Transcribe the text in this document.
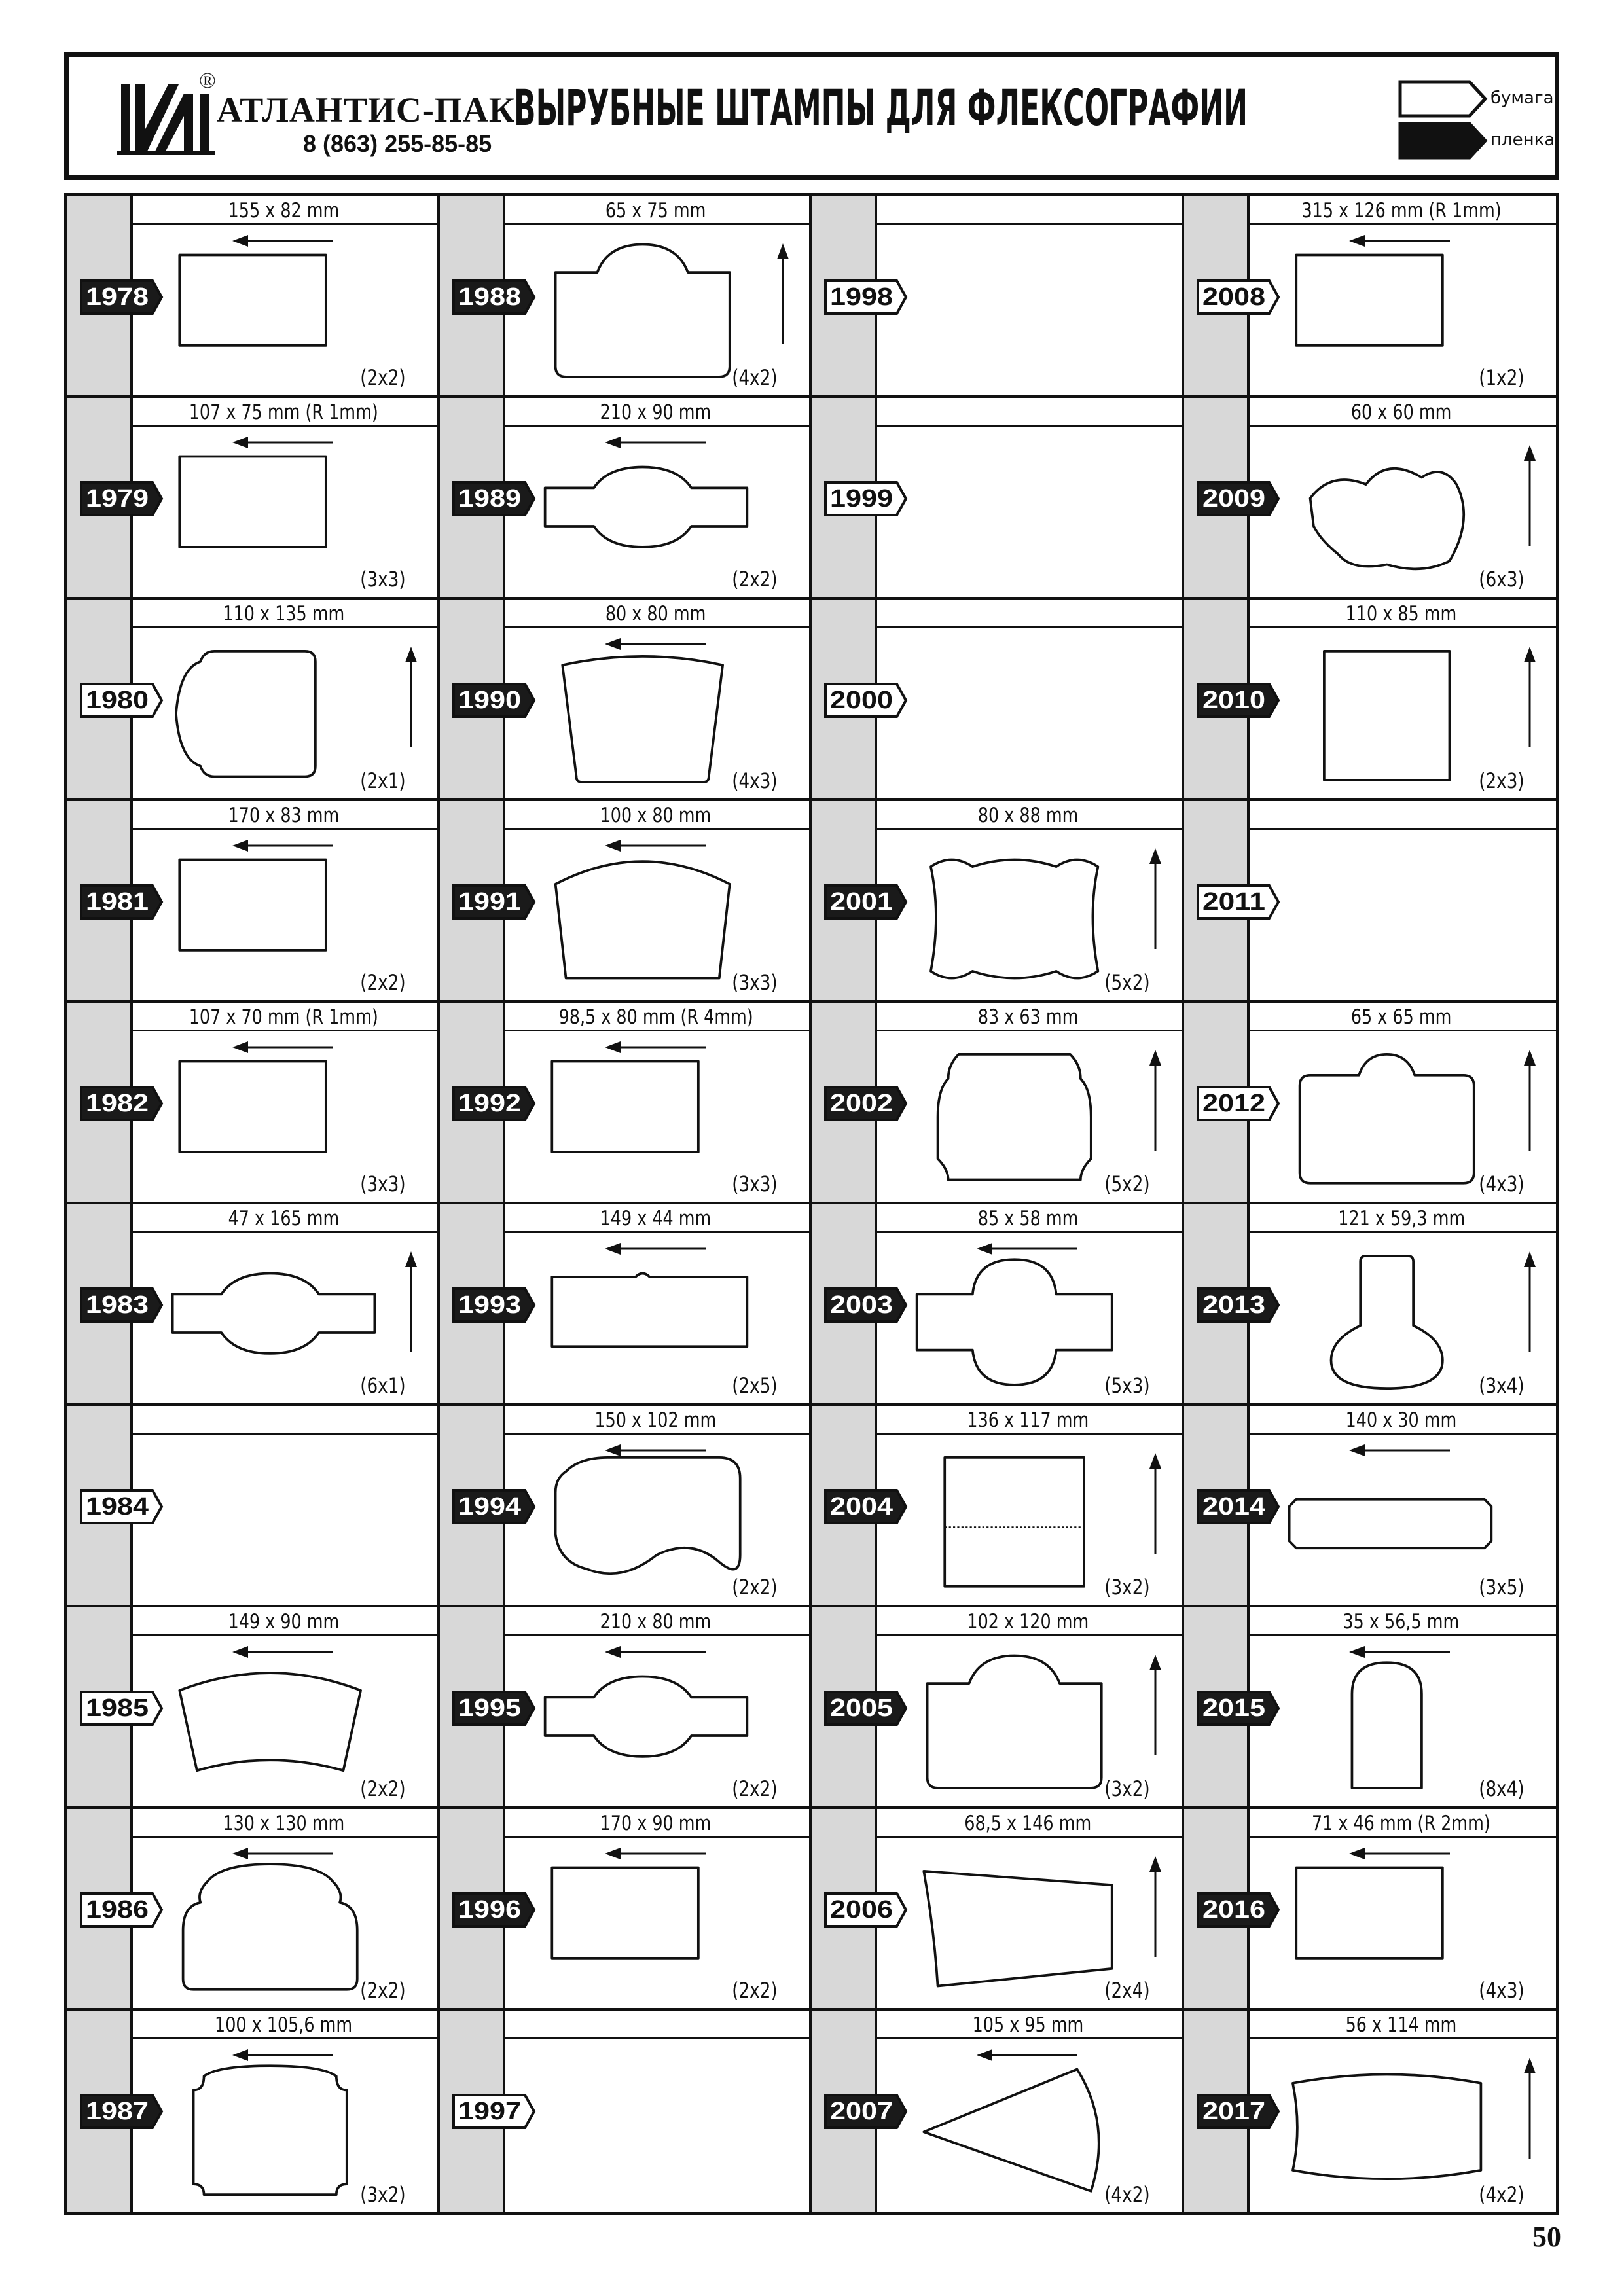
®
АТЛАНТИС-ПАК
8 (863) 255-85-85
ВЫРУБНЫЕ ШТАМПЫ ДЛЯ ФЛЕКСОГРАФИИ	бумага
пленка
155 x 82 mm
1978
(2x2)
107 x 75 mm (R 1mm)
1979
(3x3)
110 x 135 mm
1980
(2x1)
170 x 83 mm
1981
(2x2)
107 x 70 mm (R 1mm)
1982
(3x3)
47 x 165 mm
1983
(6x1)
1984
149 x 90 mm
1985
(2x2)
130 x 130 mm
1986
(2x2)
100 x 105,6 mm
1987
(3x2)
65 x 75 mm
1988
(4x2)
210 x 90 mm
1989
(2x2)
80 x 80 mm
1990
(4x3)
100 x 80 mm
1991
(3x3)
98,5 x 80 mm (R 4mm)
1992
(3x3)
149 x 44 mm
1993
(2x5)
150 x 102 mm
1994
(2x2)
210 x 80 mm
1995
(2x2)
170 x 90 mm
1996
(2x2)
1997
1998
1999
2000
80 x 88 mm
2001
(5x2)
83 x 63 mm
2002
(5x2)
85 x 58 mm
2003
(5x3)
136 x 117 mm
2004
(3x2)
102 x 120 mm
2005
(3x2)
68,5 x 146 mm
2006
(2x4)
105 x 95 mm
2007
(4x2)
315 x 126 mm (R 1mm)
2008
(1x2)
60 x 60 mm
2009
(6x3)
110 x 85 mm
2010
(2x3)
2011
65 x 65 mm
2012
(4x3)
121 x 59,3 mm
2013
(3x4)
140 x 30 mm
2014
(3x5)
35 x 56,5 mm
2015
(8x4)
71 x 46 mm (R 2mm)
2016
(4x3)
56 x 114 mm
2017
(4x2)
50
